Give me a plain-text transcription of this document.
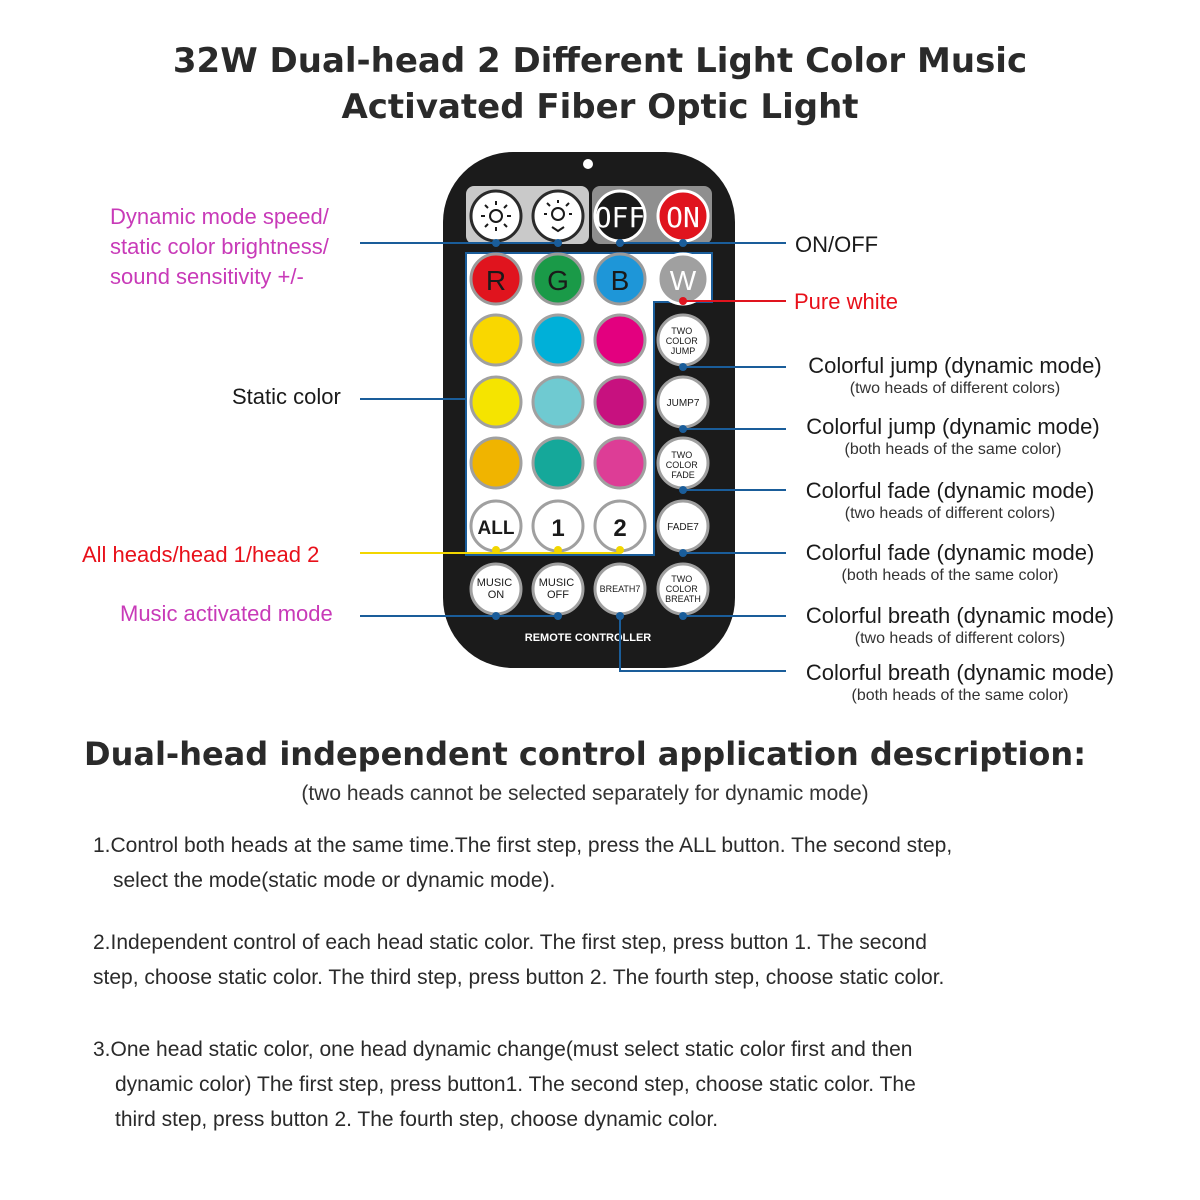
32W Dual-head 2 Different Light Color Music
Activated Fiber Optic Light
OFF ON
R G B W
TWO COLOR JUMP
JUMP7
TWO COLOR FADE
FADE7
ALL 1 2
MUSIC ON
MUSIC OFF	BREATH7
TWO COLOR BREATH
REMOTE CONTROLLER
Dynamic mode speed/
static color brightness/
sound sensitivity +/-
Static color
All heads/head 1/head 2
Music activated mode
ON/OFF
Pure white
Colorful jump (dynamic mode)
(two heads of different colors)
Colorful jump (dynamic mode)
(both heads of the same color)
Colorful fade (dynamic mode)
(two heads of different colors)
Colorful fade (dynamic mode)
(both heads of the same color)
Colorful breath (dynamic mode)
(two heads of different colors)
Colorful breath (dynamic mode)
(both heads of the same color)
Dual-head independent control application description:
(two heads cannot be selected separately for dynamic mode)
1.Control both heads at the same time.The first step, press the ALL button. The second step,
select the mode(static mode or dynamic mode).
2.Independent control of each head static color. The first step, press button 1. The second
step, choose static color. The third step, press button 2. The fourth step, choose static color.
3.One head static color, one head dynamic change(must select static color first and then
dynamic color) The first step, press button1. The second step, choose static color. The
third step, press button 2. The fourth step, choose dynamic color.
